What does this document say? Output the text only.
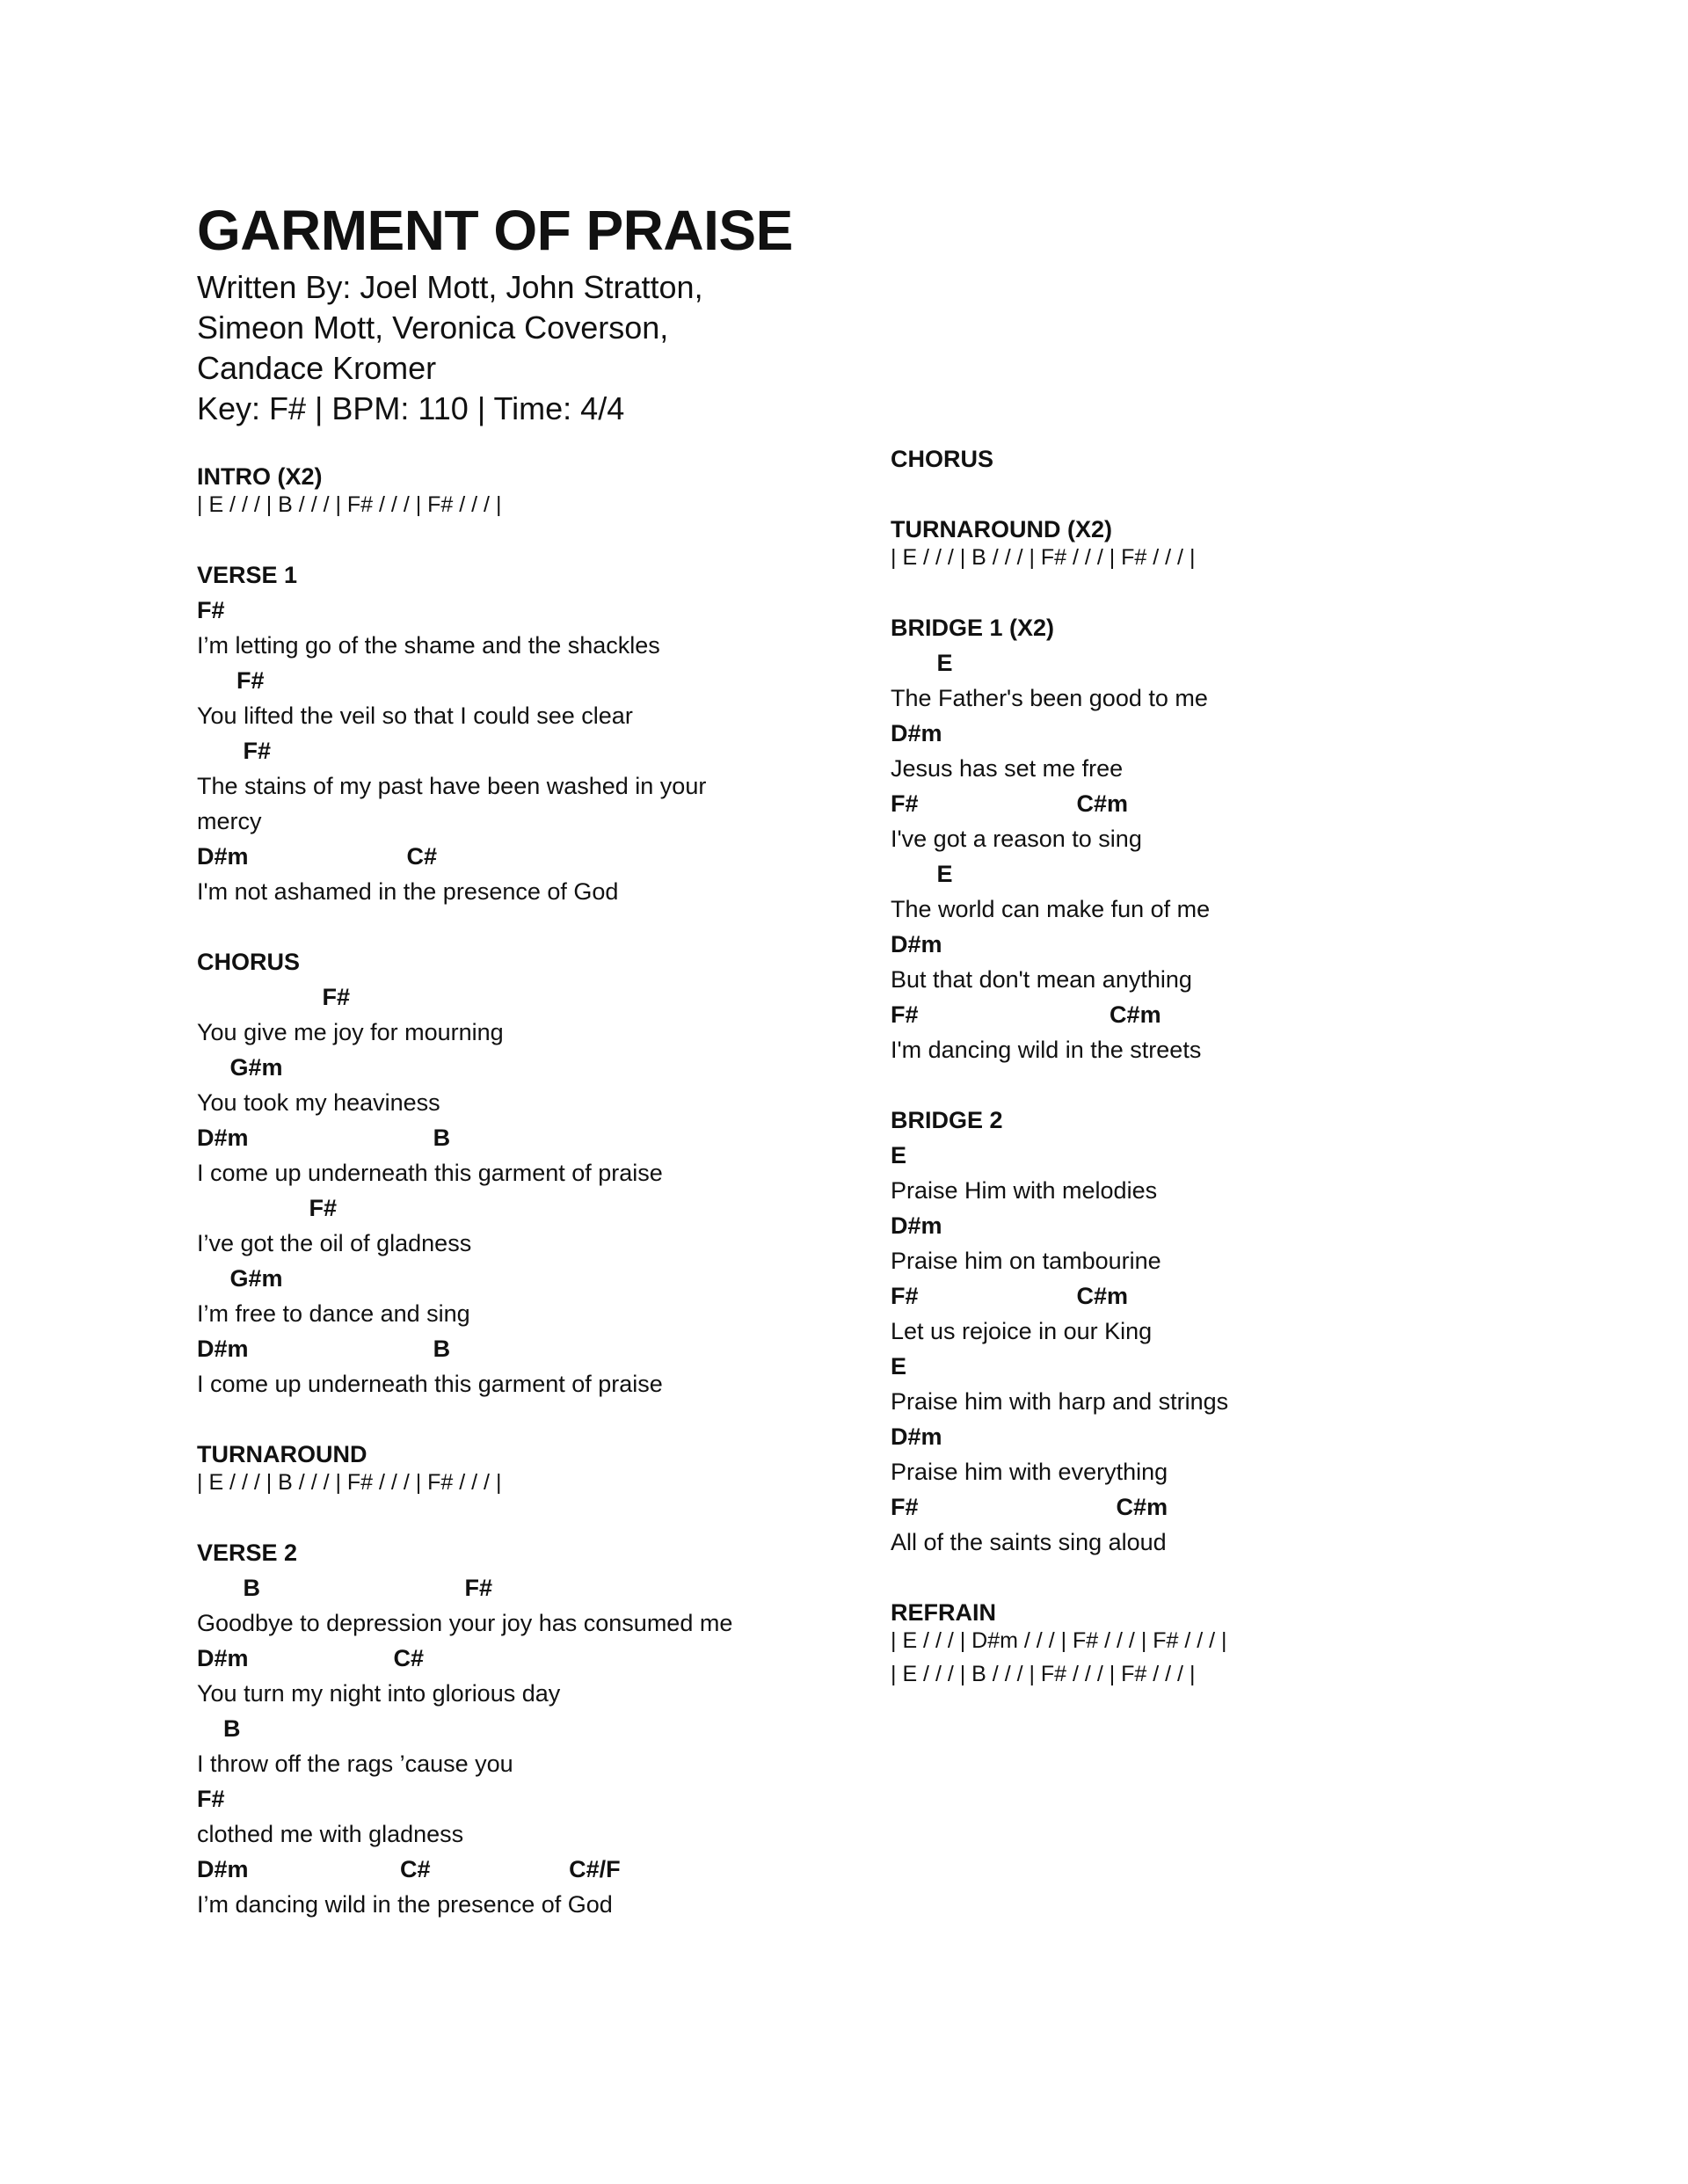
GARMENT OF PRAISE
Written By: Joel Mott, John Stratton,
Simeon Mott, Veronica Coverson,
Candace Kromer
Key: F# | BPM: 110 | Time: 4/4
INTRO (X2)
| E / / / | B / / / | F# / / / | F# / / / |
VERSE 1
F#
I’m letting go of the shame and the shackles
F#
You lifted the veil so that I could see clear
F#
The stains of my past have been washed in your
mercy
D#m                        C#
I'm not ashamed in the presence of God
CHORUS
F#
You give me joy for mourning
G#m
You took my heaviness
D#m                            B
I come up underneath this garment of praise
F#
I’ve got the oil of gladness
G#m
I’m free to dance and sing
D#m                            B
I come up underneath this garment of praise
TURNAROUND
| E / / / | B / / / | F# / / / | F# / / / |
VERSE 2
B                               F#
Goodbye to depression your joy has consumed me
D#m                      C#
You turn my night into glorious day
B
I throw off the rags ’cause you
F#
clothed me with gladness
D#m                       C#                     C#/F
I’m dancing wild in the presence of God
CHORUS
TURNAROUND (X2)
| E / / / | B / / / | F# / / / | F# / / / |
BRIDGE 1 (X2)
E
The Father's been good to me
D#m
Jesus has set me free
F#                        C#m
I've got a reason to sing
E
The world can make fun of me
D#m
But that don't mean anything
F#                             C#m
I'm dancing wild in the streets
BRIDGE 2
E
Praise Him with melodies
D#m
Praise him on tambourine
F#                        C#m
Let us rejoice in our King
E
Praise him with harp and strings
D#m
Praise him with everything
F#                              C#m
All of the saints sing aloud
REFRAIN
| E / / / | D#m / / / | F# / / / | F# / / / |
| E / / / | B / / / | F# / / / | F# / / / |
